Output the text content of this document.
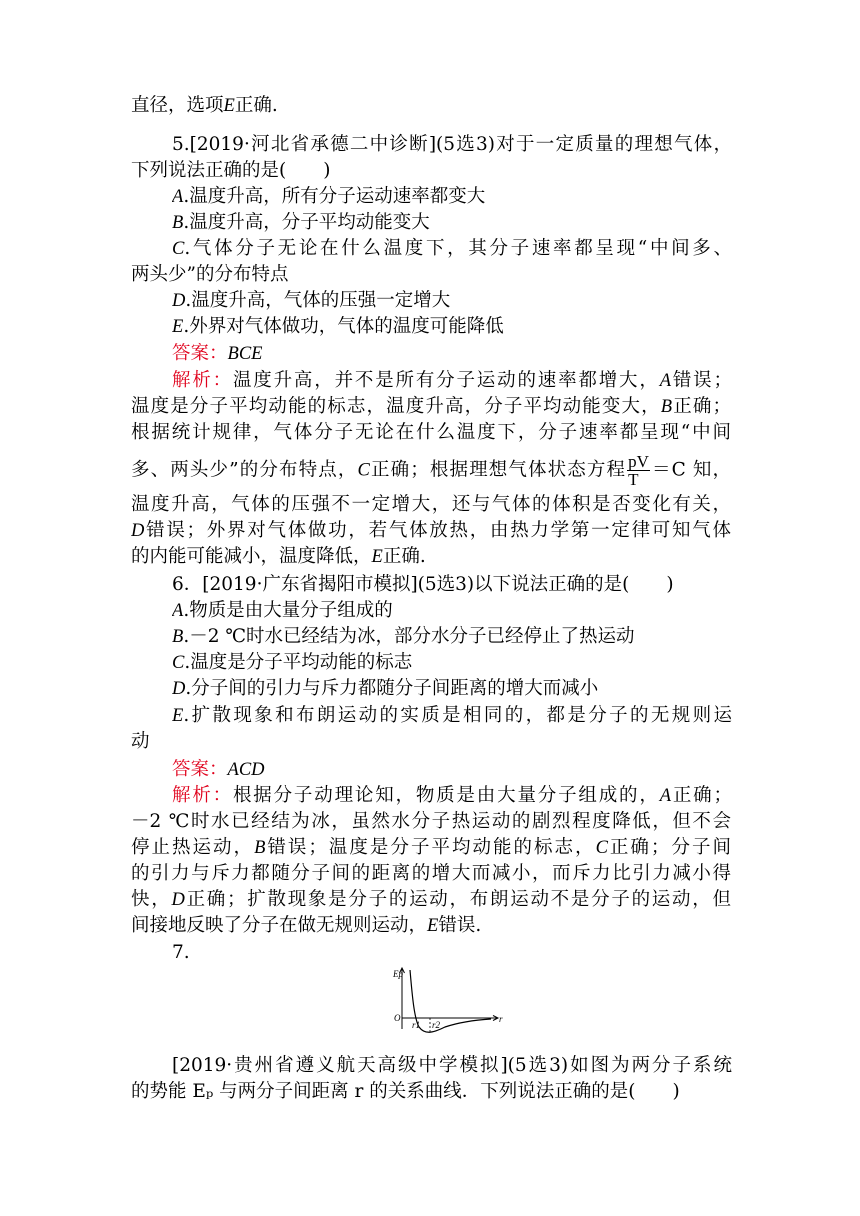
直径，选项E正确.
5.[2019·河北省承德二中诊断](5选3)对于一定质量的理想气体，
下列说法正确的是(　　)
A.温度升高，所有分子运动速率都变大
B.温度升高，分子平均动能变大
C.气体分子无论在什么温度下，其分子速率都呈现“中间多、
两头少”的分布特点
D.温度升高，气体的压强一定增大
E.外界对气体做功，气体的温度可能降低
答案：BCE
解析：温度升高，并不是所有分子运动的速率都增大，A错误；
温度是分子平均动能的标志，温度升高，分子平均动能变大，B正确；
根据统计规律，气体分子无论在什么温度下，分子速率都呈现“中间
多、两头少”的分布特点，C正确；根据理想气体状态方程 $\frac{pV}{T} =C$ 知，
温度升高，气体的压强不一定增大，还与气体的体积是否变化有关，
D错误；外界对气体做功，若气体放热，由热力学第一定律可知气体
的内能可能减小，温度降低，E正确.
6．[2019·广东省揭阳市模拟](5选3)以下说法正确的是(　　)
A.物质是由大量分子组成的
B.－2 ℃时水已经结为冰，部分水分子已经停止了热运动
C.温度是分子平均动能的标志
D.分子间的引力与斥力都随分子间距离的增大而减小
E.扩散现象和布朗运动的实质是相同的，都是分子的无规则运
动
答案：ACD
解析：根据分子动理论知，物质是由大量分子组成的，A正确；
－2 ℃时水已经结为冰，虽然水分子热运动的剧烈程度降低，但不会
停止热运动，B错误；温度是分子平均动能的标志，C正确；分子间
的引力与斥力都随分子间的距离的增大而减小，而斥力比引力减小得
快，D正确；扩散现象是分子的运动，布朗运动不是分子的运动，但
间接地反映了分子在做无规则运动，E错误.
7.
Ep
O	r
r1 r2
[2019·贵州省遵义航天高级中学模拟](5选3)如图为两分子系统
的势能 Eₚ 与两分子间距离 r 的关系曲线．下列说法正确的是(　　)
